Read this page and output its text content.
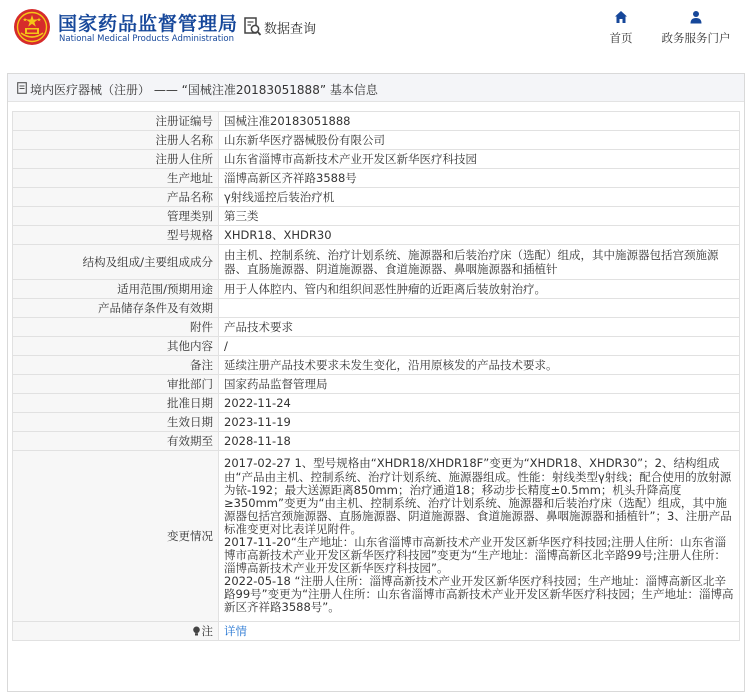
国家药品监督管理局
National Medical Products Administration
数据查询
首页	政务服务门户
境内医疗器械（注册） —— “国械注准20183051888” 基本信息
注册证编号	国械注准20183051888
注册人名称	山东新华医疗器械股份有限公司
注册人住所	山东省淄博市高新技术产业开发区新华医疗科技园
生产地址	淄博高新区齐祥路3588号
产品名称	γ射线遥控后装治疗机
管理类别	第三类
型号规格	XHDR18、XHDR30
结构及组成/主要组成成分	由主机、控制系统、治疗计划系统、施源器和后装治疗床（选配）组成，其中施源器包括宫颈施源器、直肠施源器、阴道施源器、食道施源器、鼻咽施源器和插植针
适用范围/预期用途	用于人体腔内、管内和组织间恶性肿瘤的近距离后装放射治疗。
产品储存条件及有效期	
附件	产品技术要求
其他内容	/
备注	延续注册产品技术要求未发生变化，沿用原核发的产品技术要求。
审批部门	国家药品监督管理局
批准日期	2022-11-24
生效日期	2023-11-19
有效期至	2028-11-18
变更情况	2017-02-27 1、型号规格由“XHDR18/XHDR18F”变更为“XHDR18、XHDR30”；2、结构组成由“产品由主机、控制系统、治疗计划系统、施源器组成。性能：射线类型γ射线；配合使用的放射源为铱-192；最大送源距离850mm；治疗通道18；移动步长精度±0.5mm；机头升降高度≥350mm”变更为“由主机、控制系统、治疗计划系统、施源器和后装治疗床（选配）组成，其中施源器包括宫颈施源器、直肠施源器、阴道施源器、食道施源器、鼻咽施源器和插植针”；3、注册产品标准变更对比表详见附件。
2017-11-20“生产地址：山东省淄博市高新技术产业开发区新华医疗科技园;注册人住所：山东省淄博市高新技术产业开发区新华医疗科技园”变更为“生产地址：淄博高新区北辛路99号;注册人住所：淄博高新技术产业开发区新华医疗科技园”。
2022-05-18 “注册人住所：淄博高新技术产业开发区新华医疗科技园；生产地址：淄博高新区北辛路99号”变更为“注册人住所：山东省淄博市高新技术产业开发区新华医疗科技园；生产地址：淄博高新区齐祥路3588号”。

注	详情
